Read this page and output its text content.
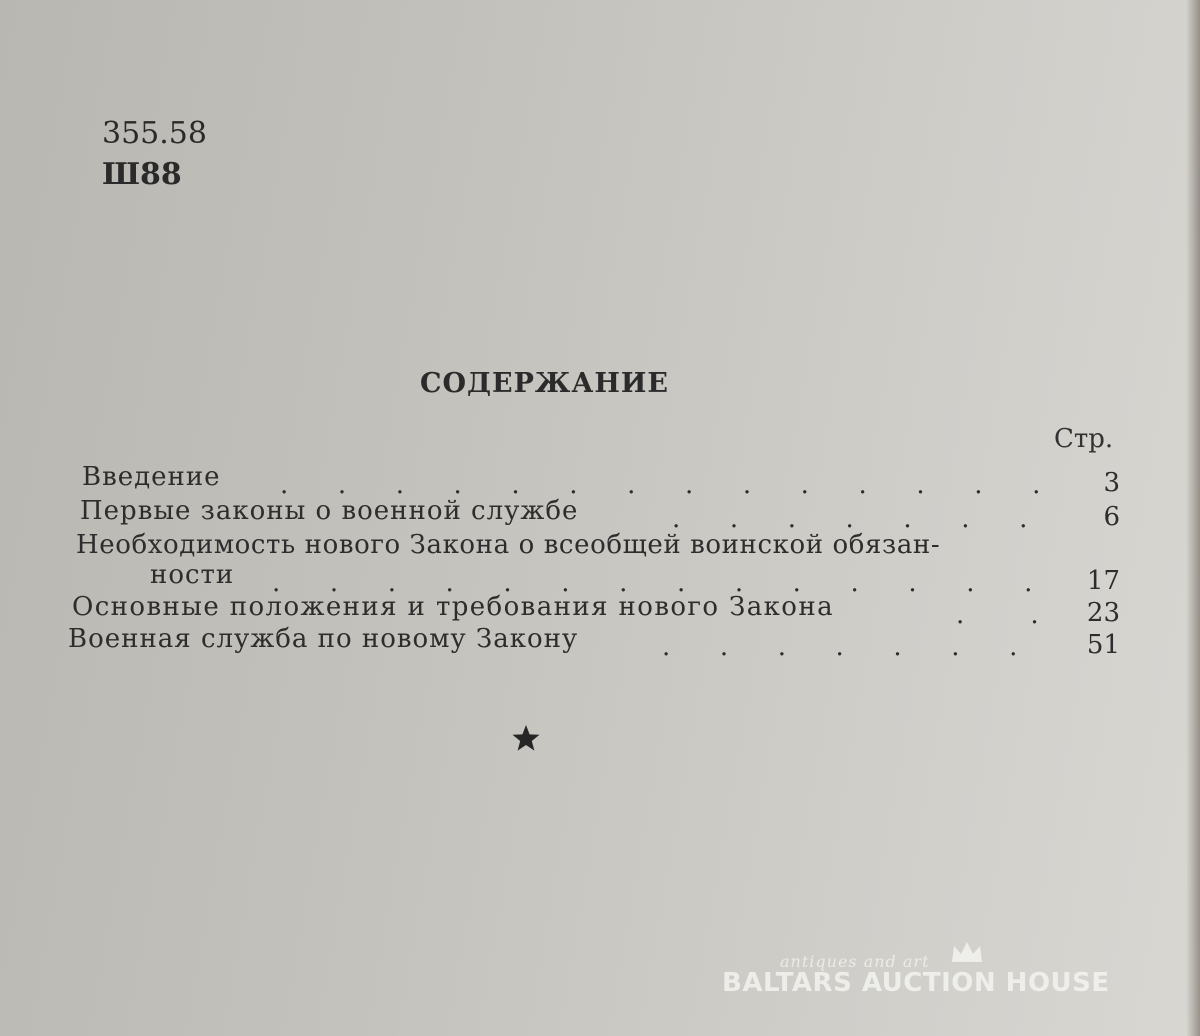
355.58
Ш88
СОДЕРЖАНИЕ
Стр.
Введение .      .      .      .      .      .      .      .      .      .      .      .      .      .	3
Первые законы о военной службе	.      .      .      .      .      .      .	6
Необходимость нового Закона о всеобщей воинской обязан-
ности .      .      .      .      .      .      .      .      .      .      .      .      .      .	17
Основные положения и требования нового Закона	.        .	23
Военная служба по новому Закону	.      .      .      .      .      .      .	51
antiques and art
BALTARS AUCTION HOUSE
